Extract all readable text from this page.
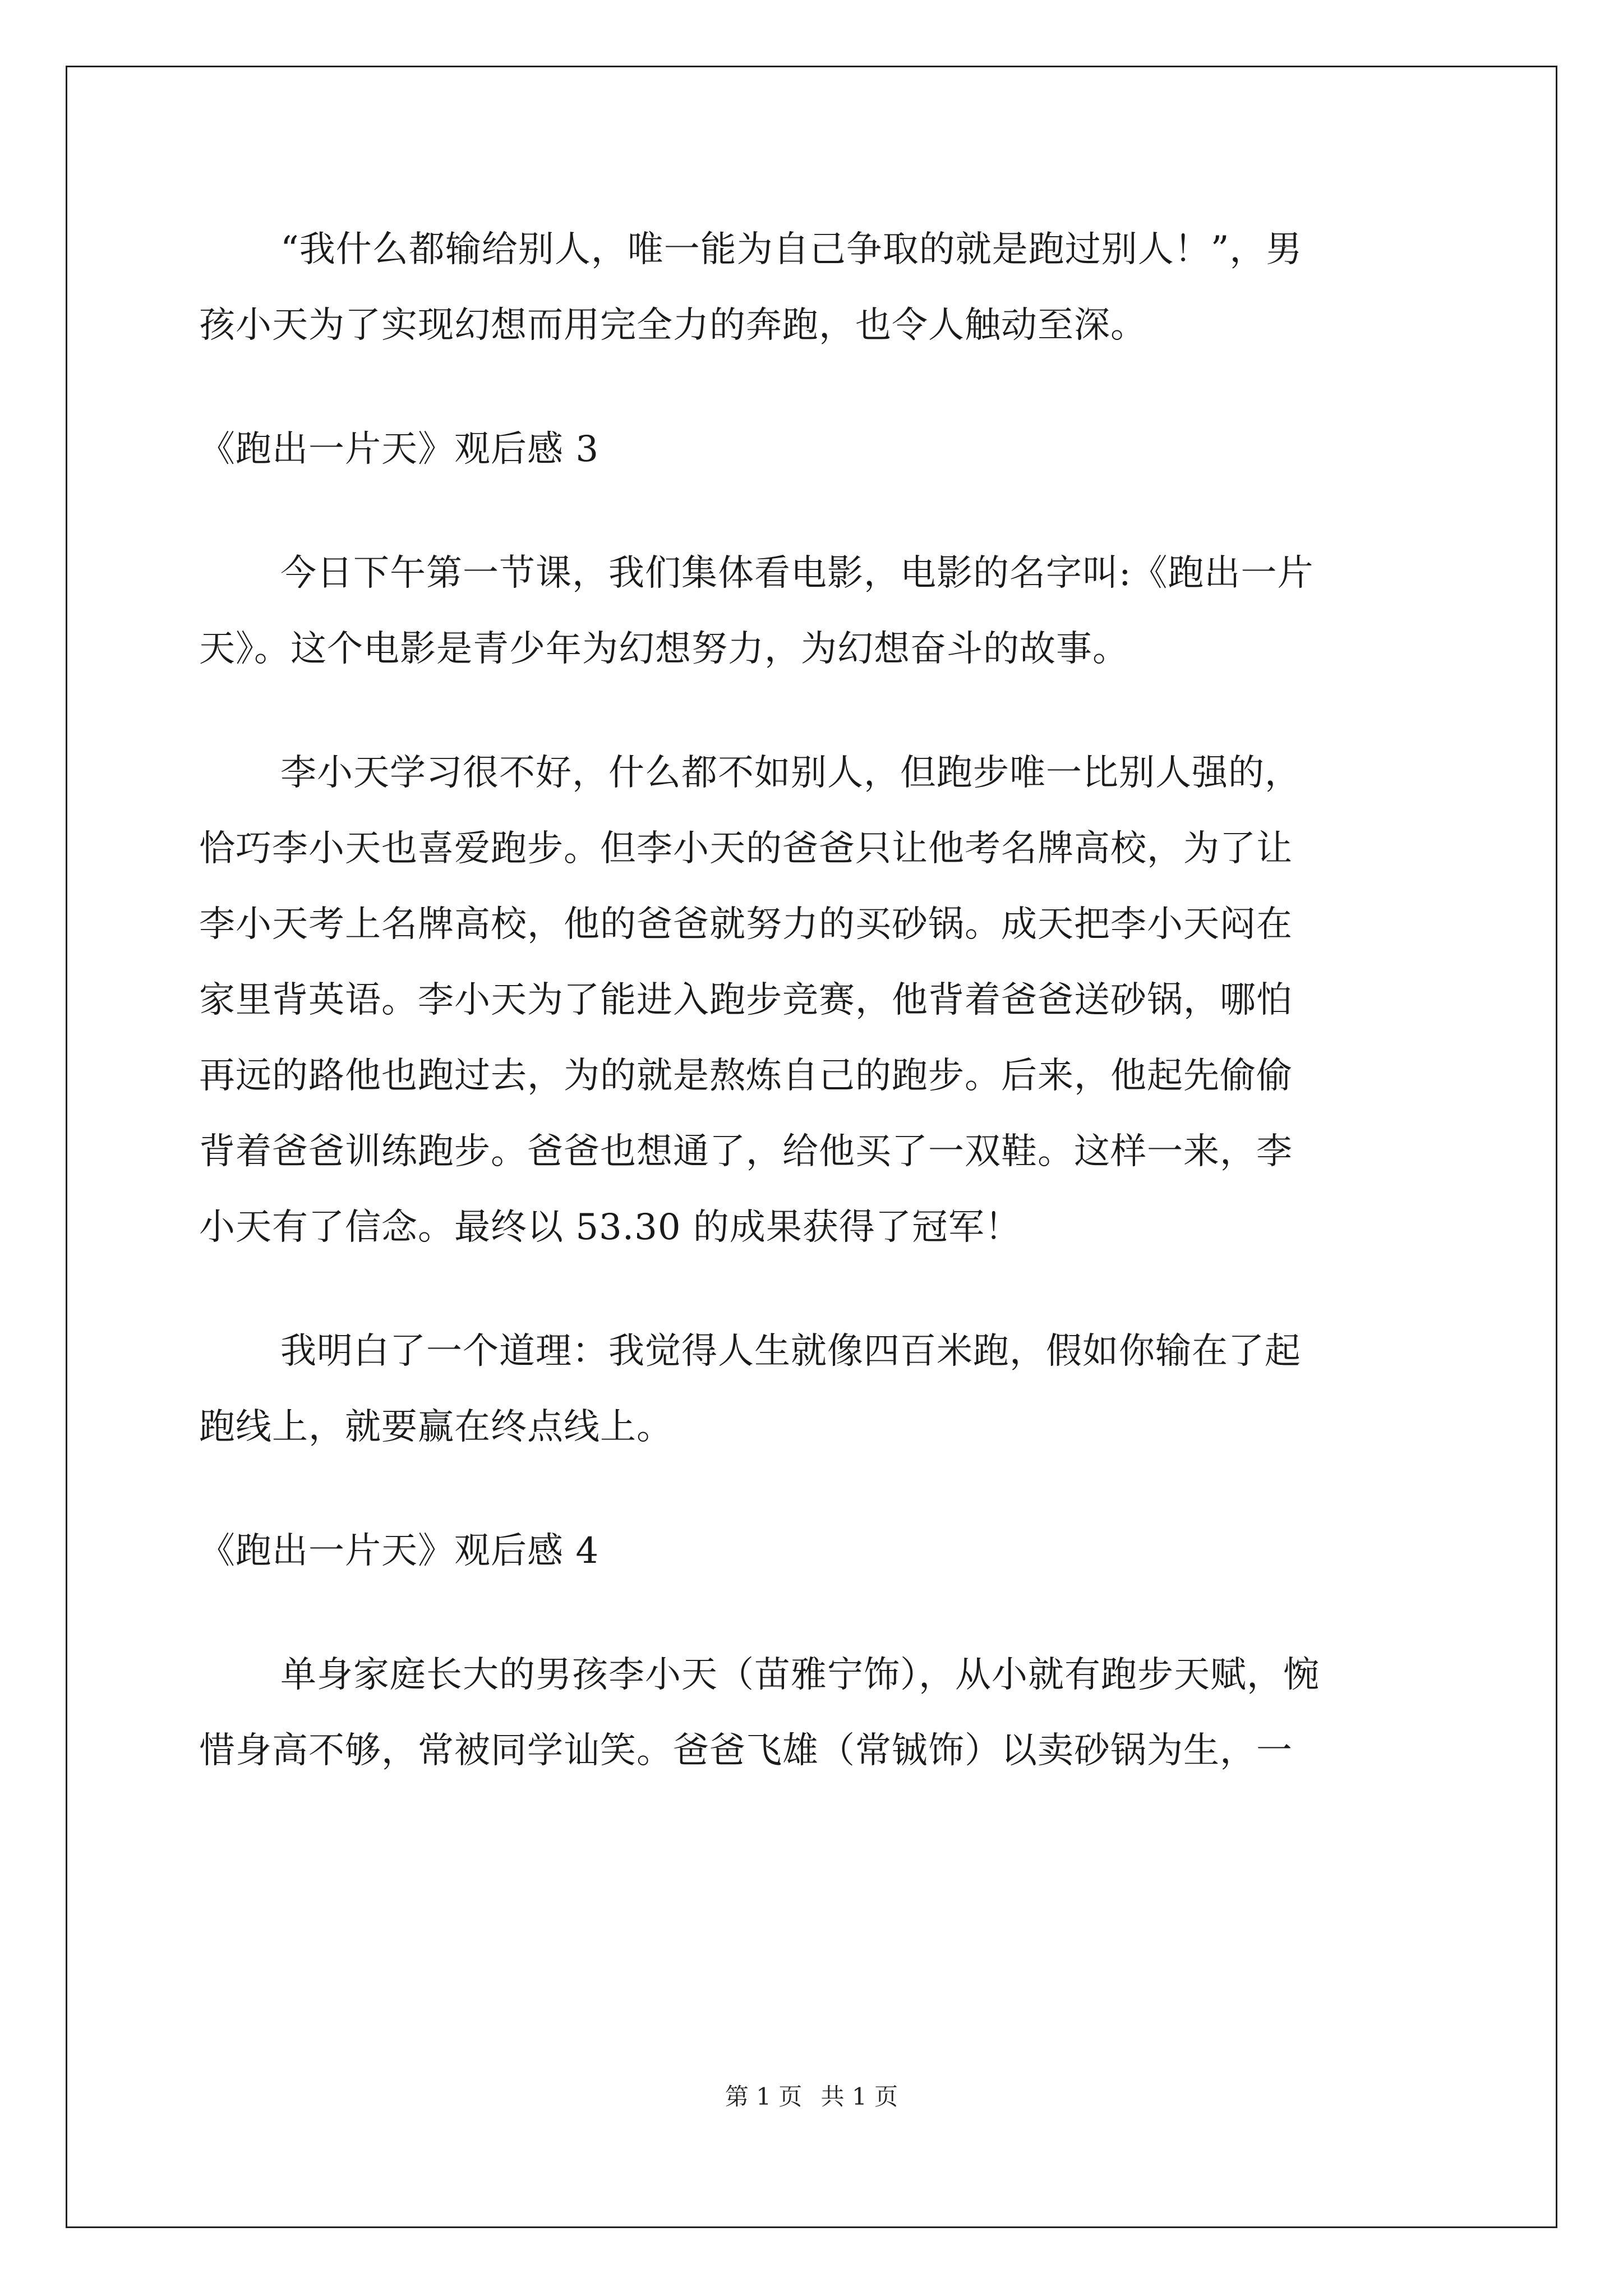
“我什么都输给别人，唯一能为自己争取的就是跑过别人！”，男
孩小天为了实现幻想而用完全力的奔跑，也令人触动至深。
《跑出一片天》观后感 3
今日下午第一节课，我们集体看电影，电影的名字叫:《跑出一片
天》。这个电影是青少年为幻想努力，为幻想奋斗的故事。
李小天学习很不好，什么都不如别人，但跑步唯一比别人强的，
恰巧李小天也喜爱跑步。但李小天的爸爸只让他考名牌高校，为了让
李小天考上名牌高校，他的爸爸就努力的买砂锅。成天把李小天闷在
家里背英语。李小天为了能进入跑步竞赛，他背着爸爸送砂锅，哪怕
再远的路他也跑过去，为的就是熬炼自己的跑步。后来，他起先偷偷
背着爸爸训练跑步。爸爸也想通了，给他买了一双鞋。这样一来，李
小天有了信念。最终以 53.30 的成果获得了冠军！
我明白了一个道理：我觉得人生就像四百米跑，假如你输在了起
跑线上，就要赢在终点线上。
《跑出一片天》观后感 4
单身家庭长大的男孩李小天（苗雅宁饰），从小就有跑步天赋，惋
惜身高不够，常被同学讪笑。爸爸飞雄（常铖饰）以卖砂锅为生，一
第 1 页 共 1 页
